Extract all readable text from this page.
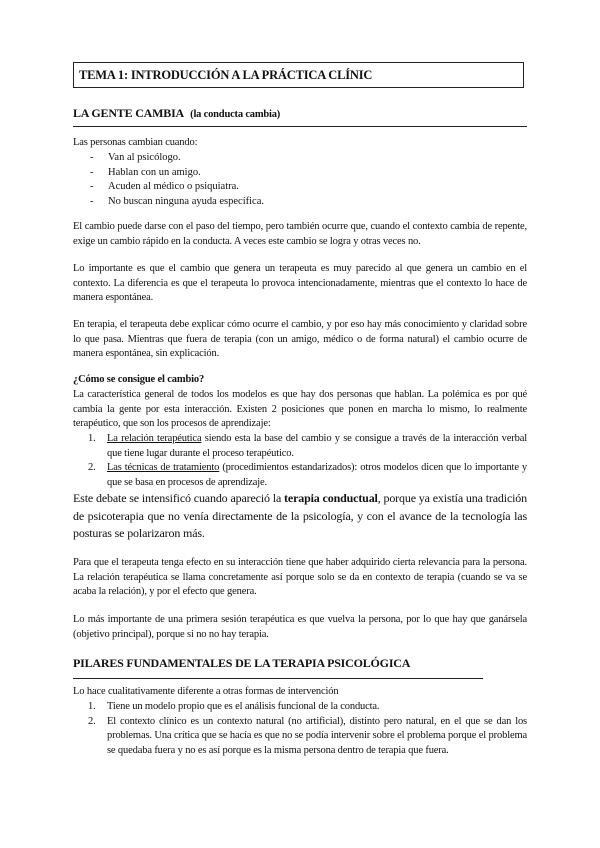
TEMA 1: INTRODUCCIÓN A LA PRÁCTICA CLÍNIC
LA GENTE CAMBIA (la conducta cambia)
Las personas cambian cuando:
- Van al psicólogo.
- Hablan con un amigo.
- Acuden al médico o psiquiatra.
- No buscan ninguna ayuda específica.
El cambio puede darse con el paso del tiempo, pero también ocurre que, cuando el contexto cambia de repente, exige un cambio rápido en la conducta. A veces este cambio se logra y otras veces no.
Lo importante es que el cambio que genera un terapeuta es muy parecido al que genera un cambio en el contexto. La diferencia es que el terapeuta lo provoca intencionadamente, mientras que el contexto lo hace de manera espontánea.
En terapia, el terapeuta debe explicar cómo ocurre el cambio, y por eso hay más conocimiento y claridad sobre lo que pasa. Mientras que fuera de terapia (con un amigo, médico o de forma natural) el cambio ocurre de manera espontánea, sin explicación.
¿Cómo se consigue el cambio?
La característica general de todos los modelos es que hay dos personas que hablan. La polémica es por qué cambia la gente por esta interacción. Existen 2 posiciones que ponen en marcha lo mismo, lo realmente terapéutico, que son los procesos de aprendizaje:
1. La relación terapéutica siendo esta la base del cambio y se consigue a través de la interacción verbal que tiene lugar durante el proceso terapéutico.
2. Las técnicas de tratamiento (procedimientos estandarizados): otros modelos dicen que lo importante y que se basa en procesos de aprendizaje.
Este debate se intensificó cuando apareció la terapia conductual, porque ya existía una tradición de psicoterapia que no venía directamente de la psicología, y con el avance de la tecnología las posturas se polarizaron más.
Para que el terapeuta tenga efecto en su interacción tiene que haber adquirido cierta relevancia para la persona. La relación terapéutica se llama concretamente así porque solo se da en contexto de terapia (cuando se va se acaba la relación), y por el efecto que genera.
Lo más importante de una primera sesión terapéutica es que vuelva la persona, por lo que hay que ganársela (objetivo principal), porque si no no hay terapia.
PILARES FUNDAMENTALES DE LA TERAPIA PSICOLÓGICA
Lo hace cualitativamente diferente a otras formas de intervención
1. Tiene un modelo propio que es el análisis funcional de la conducta.
2. El contexto clínico es un contexto natural (no artificial), distinto pero natural, en el que se dan los problemas. Una crítica que se hacía es que no se podía intervenir sobre el problema porque el problema se quedaba fuera y no es así porque es la misma persona dentro de terapia que fuera.
